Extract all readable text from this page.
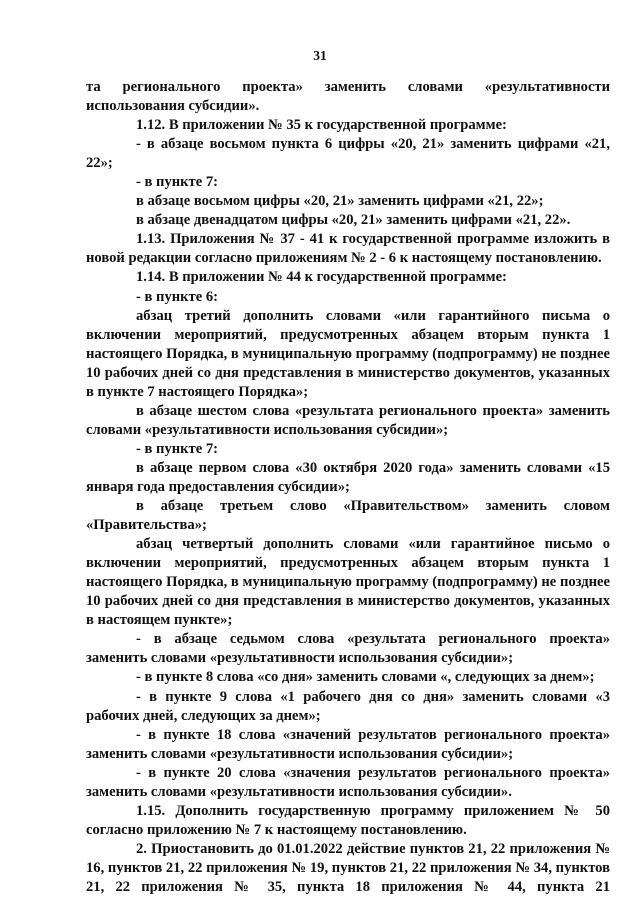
31

та регионального проекта» заменить словами «результативности использования субсидии».

1.12. В приложении № 35 к государственной программе:

- в абзаце восьмом пункта 6 цифры «20, 21» заменить цифрами «21, 22»;

- в пункте 7:

в абзаце восьмом цифры «20, 21» заменить цифрами «21, 22»;

в абзаце двенадцатом цифры «20, 21» заменить цифрами «21, 22».

1.13. Приложения № 37 - 41 к государственной программе изложить в новой редакции согласно приложениям № 2 - 6 к настоящему постановлению.

1.14. В приложении № 44 к государственной программе:

- в пункте 6:

абзац третий дополнить словами «или гарантийного письма о включении мероприятий, предусмотренных абзацем вторым пункта 1 настоящего Порядка, в муниципальную программу (подпрограмму) не позднее 10 рабочих дней со дня представления в министерство документов, указанных в пункте 7 настоящего Порядка»;

в абзаце шестом слова «результата регионального проекта» заменить словами «результативности использования субсидии»;

- в пункте 7:

в абзаце первом слова «30 октября 2020 года» заменить словами «15 января года предоставления субсидии»;

в абзаце третьем слово «Правительством» заменить словом «Правительства»;

абзац четвертый дополнить словами «или гарантийное письмо о включении мероприятий, предусмотренных абзацем вторым пункта 1 настоящего Порядка, в муниципальную программу (подпрограмму) не позднее 10 рабочих дней со дня представления в министерство документов, указанных в настоящем пункте»;

- в абзаце седьмом слова «результата регионального проекта» заменить словами «результативности использования субсидии»;

- в пункте 8 слова «со дня» заменить словами «, следующих за днем»;

- в пункте 9 слова «1 рабочего дня со дня» заменить словами «3 рабочих дней, следующих за днем»;

- в пункте 18 слова «значений результатов регионального проекта» заменить словами «результативности использования субсидии»;

- в пункте 20 слова «значения результатов регионального проекта» заменить словами «результативности использования субсидии».

1.15. Дополнить государственную программу приложением № 50 согласно приложению № 7 к настоящему постановлению.

2. Приостановить до 01.01.2022 действие пунктов 21, 22 приложения № 16, пунктов 21, 22 приложения № 19, пунктов 21, 22 приложения № 34, пунктов 21, 22 приложения № 35, пункта 18 приложения № 44, пункта 21
